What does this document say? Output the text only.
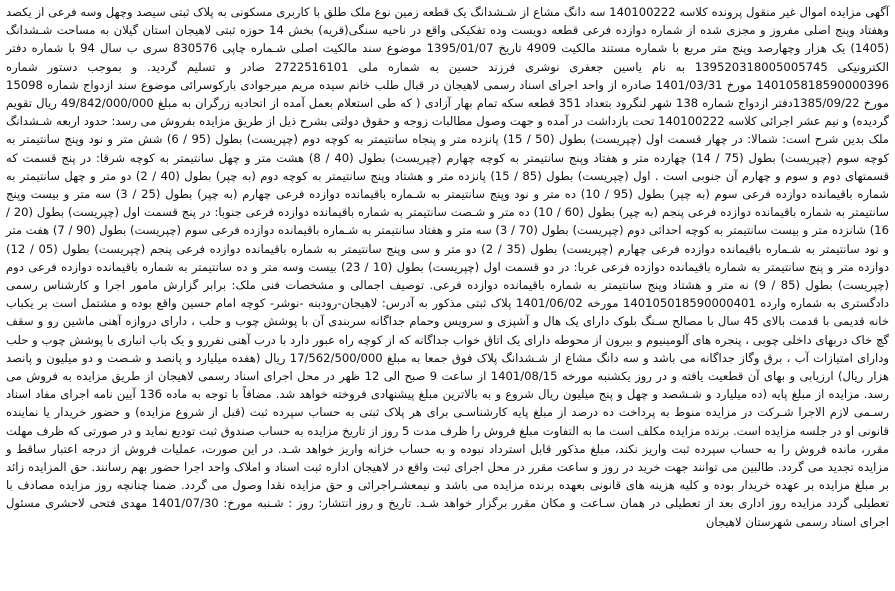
آگهی مزایده اموال غیر منقول پرونده کلاسه 140100222 سه دانگ مشاع از شـشدانگ یک قطعه زمین نوع ملک طلق با کاربری مسکونی به پلاک ثبتی سیصد وچهل وسه فرعی از یکصد وهفتاد وپنج اصلی مفروز و مجزی شده از شماره دوازده فرعی قطعه دویست وده تفکیکی واقع در ناحیه سنگی(قریه) بخش 14 حوزه ثبتی لاهیجان استان گیلان به مساحت شـشدانگ (1405) یک هزار وچهارصد وپنج متر مربع با شماره مستند مالکیت 4909 تاریخ 1395/01/07 موضوع سند مالکیت اصلی شـماره چاپی 830576 سری ب سال 94 با شماره دفتر الکترونیکی 139520318005005745 به نام یاسین جعفری نوشری فرزند حسین به شماره ملی 2722516101 صادر و تسلیم گردید. و بموجب دستور شماره 140105818590000396 مورخ 1401/03/31 صادره از واحد اجرای اسناد رسمی لاهیجان در قبال طلب خانم سیده مریم میرجوادی بارکوسرائی موضوع سند ازدواج شماره 15098 مورخ 1385/09/22دفتر ازدواج شماره 138 شهر لنگرود بتعداد 351 قطعه سکه تمام بهار آزادی ( که طی استعلام بعمل آمده از اتحادیه زرگران به مبلغ 49/842/000/000 ریال تقویم گردیده) و نیم عشر اجرائی کلاسه 140100222 تحت بازداشت در آمده و جهت وصول مطالبات زوجه و حقوق دولتی بشرح ذیل از طریق مزایده بفروش می رسد: حدود اربعه شـشدانگ ملک بدین شرح است: شمالا: در چهار قسمت اول (چپریست) بطول (50 / 15) پانزده متر و پنجاه سانتیمتر به کوچه دوم (چپریست) بطول (95 / 6) شش متر و نود وپنج سانتیمتر به کوچه سوم (چپریست) بطول (75 / 14) چهارده متر و هفتاد وپنج سانتیمتر به کوچه چهارم (چپریست) بطول (40 / 8) هشت متر و چهل سانتیمتر به کوچه شرقا: در پنج قسمت که قسمتهای دوم و سوم و چهارم آن جنوبی است . اول (چپریست) بطول (85 / 15) پانزده متر و هشتاد وپنج سانتیمتر به کوچه دوم (به چپر) بطول (40 / 2) دو متر و چهل سانتیمتر به شماره باقیمانده دوازده فرعی سوم (به چپر) بطول (95 / 10) ده متر و نود وپنج سانتیمتر به شـماره باقیمانده دوازده فرعی چهارم (به چپر) بطول (25 / 3) سه متر و بیست وپنج سانتیمتر به شماره باقیمانده دوازده فرعی پنجم (به چپر) بطول (60 / 10) ده متر و شـصت سانتیمتر به شماره باقیمانده دوازده فرعی جنوبا: در پنج قسمت اول (چپریست) بطول (20 / 16) شانزده متر و بیست سانتیمتر به کوچه احداثی دوم (چپریست) بطول (70 / 3) سه متر و هفتاد سانتیمتر به شـماره باقیمانده دوازده فرعی سوم (چپریست) بطول (90 / 7) هفت متر و نود سانتیمتر به شـماره باقیمانده دوازده فرعی چهارم (چپریست) بطول (35 / 2) دو متر و سی وپنج سانتیمتر به شماره باقیمانده دوازده فرعی پنجم (چپریست) بطول (05 / 12) دوازده متر و پنج سانتیمتر به شماره باقیمانده دوازده فرعی غربا: در دو قسمت اول (چپریست) بطول (10 / 23) بیست وسه متر و ده سانتیمتر به شماره باقیمانده دوازده فرعی دوم (چپریست) بطول (85 / 9) نه متر و هشتاد وپنج سانتیمتر به شماره باقیمانده دوازده فرعی. توصیف اجمالی و مشخصات فنی ملک: برابر گزارش مامور اجرا و کارشناس رسمی دادگستری به شماره وارده 140105018590000401 مورخه 1401/06/02 پلاک ثبتی مذکور به آدرس: لاهیجان-رودبنه -نوشر- کوچه امام حسین واقع بوده و مشتمل است بر یکباب خانه قدیمی با قدمت بالای 45 سال با مصالح سـنگ بلوک دارای یک هال و آشپزی و سرویس وحمام جداگانه سربندی آن با پوشش چوب و حلب ، دارای دروازه آهنی ماشین رو و سقف گچ خاک دربهای داخلی چوبی ، پنجره های آلومینیوم و بیرون از محوطه دارای یک اتاق خواب جداگانه که از کوچه راه عبور دارد با درب آهنی نفررو و یک باب انباری با پوشش چوب و حلب ودارای امتیازات آب ، برق وگاز جداگانه می باشد و سه دانگ مشاع از شـشدانگ پلاک فوق جمعا به مبلغ 17/562/500/000 ریال (هفده میلیارد و پانصد و شـصت و دو میلیون و پانصد هزار ریال) ارزیابی و بهای آن قطعیت یافته و در روز یکشنبه مورخه 1401/08/15 از ساعت 9 صبح الی 12 ظهر در محل اجرای اسناد رسمی لاهیجان از طریق مزایده به فروش می رسد. مزایده از مبلغ پایه (ده میلیارد و شـشصد و چهل و پنج میلیون ریال شروع و به بالاترین مبلغ پیشنهادی فروخته خواهد شد. مضافاً با توجه به ماده 136 آیین نامه اجرای مفاد اسناد رسـمی لازم الاجرا شـرکت در مزایده منوط به پرداخت ده درصد از مبلغ پایه کارشناسـی برای هر پلاک ثبتی به حساب سپرده ثبت (قبل از شروع مزایده) و حضور خریدار یا نماینده قانونی او در جلسه مزایده است. برنده مزایده مکلف است ما به التفاوت مبلغ فروش را ظرف مدت 5 روز از تاریخ مزایده به حساب صندوق ثبت تودیع نماید و در صورتی که ظرف مهلت مقرر، مانده فروش را به حساب سپرده ثبت واریز نکند، مبلغ مذکور قابل استرداد نبوده و به حساب خزانه واریز خواهد شـد. در این صورت، عملیات فروش از درجه اعتبار ساقط و مزایده تجدید می گردد. طالبین می توانند جهت خرید در روز و ساعت مقرر در محل اجرای ثبت واقع در لاهیجان اداره ثبت اسناد و املاک واحد اجرا حضور بهم رسانند. حق المزایده زائد بر مبلغ مزایده بر عهده خریدار بوده و کلیه هزینه های قانونی بعهده برنده مزایده می باشد و نیمعشـراجرائی و حق مزایده نقدا وصول می گردد. ضمنا چنانچه روز مزایده مصادف با تعطیلی گردد مزایده روز اداری بعد از تعطیلی در همان سـاعت و مکان مقرر برگزار خواهد شـد. تاریخ و روز انتشار: روز : شـنبه مورخ: 1401/07/30 مهدی فتحی لاحشری مسئول اجرای اسناد رسمی شهرستان لاهیجان
